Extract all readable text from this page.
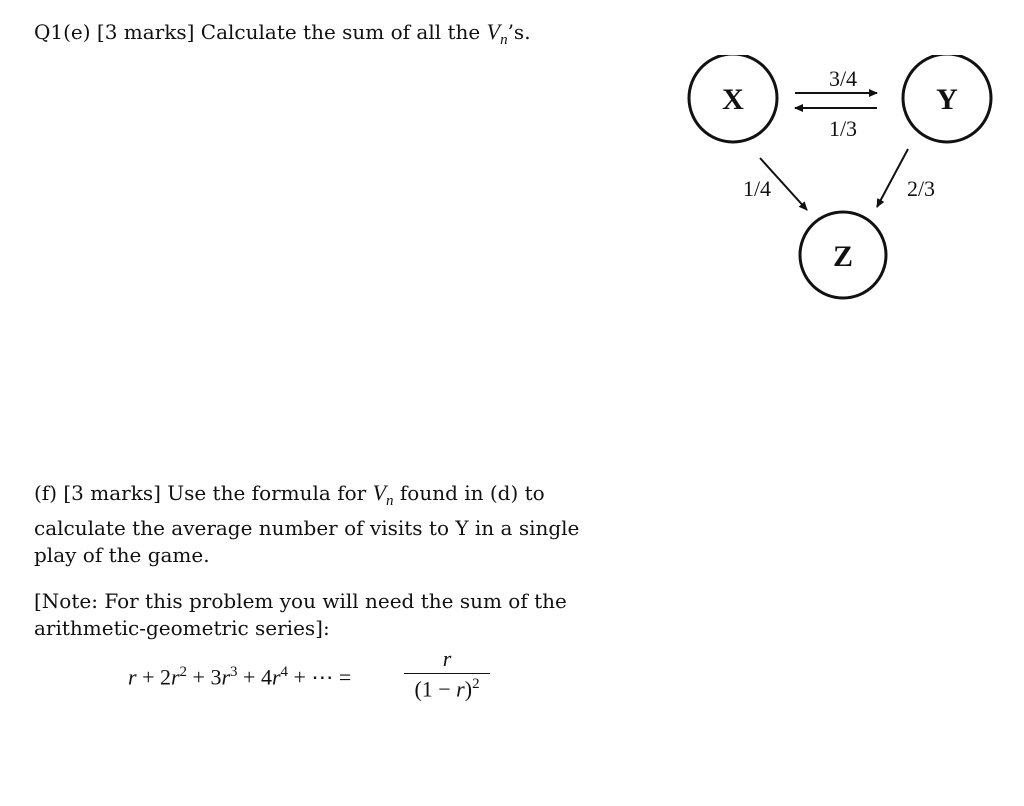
Q1(e) [3 marks] Calculate the sum of all the $V_n’s$.
(f) [3 marks] Use the formula for $V_n$ found in (d) to
calculate the average number of visits to Y in a single
play of the game.
[Note: For this problem you will need the sum of the
arithmetic-geometric series]:
$r + 2r^2 + 3r^3 + 4r^4$ + ⋯ =
r
$(1 - r)^2$
X	Y
Z
3/4
1/3
1/4	2/3
